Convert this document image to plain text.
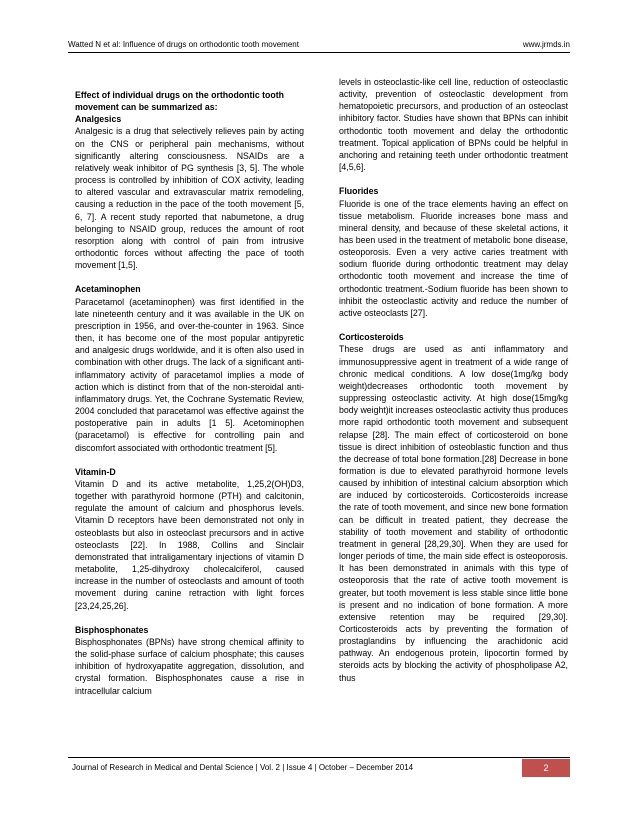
Watted N et al: Influence of drugs on orthodontic tooth movement	www.jrmds.in
Effect of individual drugs on the orthodontic tooth movement can be summarized as:
Analgesics

Analgesic is a drug that selectively relieves pain by acting on the CNS or peripheral pain mechanisms, without significantly altering consciousness. NSAIDs are a relatively weak inhibitor of PG synthesis [3, 5]. The whole process is controlled by inhibition of COX activity, leading to altered vascular and extravascular matrix remodeling, causing a reduction in the pace of the tooth movement [5, 6, 7]. A recent study reported that nabumetone, a drug belonging to NSAID group, reduces the amount of root resorption along with control of pain from intrusive orthodontic forces without affecting the pace of tooth movement [1,5].

Acetaminophen

Paracetamol (acetaminophen) was first identified in the late nineteenth century and it was available in the UK on prescription in 1956, and over-the-counter in 1963. Since then, it has become one of the most popular antipyretic and analgesic drugs worldwide, and it is often also used in combination with other drugs. The lack of a significant anti-inflammatory activity of paracetamol implies a mode of action which is distinct from that of the non-steroidal anti-inflammatory drugs. Yet, the Cochrane Systematic Review, 2004 concluded that paracetamol was effective against the postoperative pain in adults [1 5]. Acetominophen (paracetamol) is effective for controlling pain and discomfort associated with orthodontic treatment [5].

Vitamin-D

Vitamin D and its active metabolite, 1,25,2(OH)D3, together with parathyroid hormone (PTH) and calcitonin, regulate the amount of calcium and phosphorus levels. Vitamin D receptors have been demonstrated not only in osteoblasts but also in osteoclast precursors and in active osteoclasts [22]. In 1988, Collins and Sinclair demonstrated that intraligamentary injections of vitamin D metabolite, 1,25-dihydroxy cholecalciferol, caused increase in the number of osteoclasts and amount of tooth movement during canine retraction with light forces [23,24,25,26].

Bisphosphonates

Bisphosphonates (BPNs) have strong chemical affinity to the solid-phase surface of calcium phosphate; this causes inhibition of hydroxyapatite aggregation, dissolution, and crystal formation. Bisphosphonates cause a rise in intracellular calcium

levels in osteoclastic-like cell line, reduction of osteoclastic activity, prevention of osteoclastic development from hematopoietic precursors, and production of an osteoclast inhibitory factor. Studies have shown that BPNs can inhibit orthodontic tooth movement and delay the orthodontic treatment. Topical application of BPNs could be helpful in anchoring and retaining teeth under orthodontic treatment [4,5,6].

Fluorides

Fluoride is one of the trace elements having an effect on tissue metabolism. Fluoride increases bone mass and mineral density, and because of these skeletal actions, it has been used in the treatment of metabolic bone disease, osteoporosis. Even a very active caries treatment with sodium fluoride during orthodontic treatment may delay orthodontic tooth movement and increase the time of orthodontic treatment.-Sodium fluoride has been shown to inhibit the osteoclastic activity and reduce the number of active osteoclasts [27].

Corticosteroids

These drugs are used as anti inflammatory and immunosuppressive agent in treatment of a wide range of chronic medical conditions. A low dose(1mg/kg body weight)decreases orthodontic tooth movement by suppressing osteoclastic activity. At high dose(15mg/kg body weight)it increases osteoclastic activity thus produces more rapid orthodontic tooth movement and subsequent relapse [28]. The main effect of corticosteroid on bone tissue is direct inhibition of osteoblastic function and thus the decrease of total bone formation.[28] Decrease in bone formation is due to elevated parathyroid hormone levels caused by inhibition of intestinal calcium absorption which are induced by corticosteroids. Corticosteroids increase the rate of tooth movement, and since new bone formation can be difficult in treated patient, they decrease the stability of tooth movement and stability of orthodontic treatment in general [28,29,30]. When they are used for longer periods of time, the main side effect is osteoporosis. It has been demonstrated in animals with this type of osteoporosis that the rate of active tooth movement is greater, but tooth movement is less stable since little bone is present and no indication of bone formation. A more extensive retention may be required [29,30]. Corticosteroids acts by preventing the formation of prostaglandins by influencing the arachidonic acid pathway. An endogenous protein, lipocortin formed by steroids acts by blocking the activity of phospholipase A2, thus

Journal of Research in Medical and Dental Science | Vol. 2 | Issue 4 | October – December 2014	2
